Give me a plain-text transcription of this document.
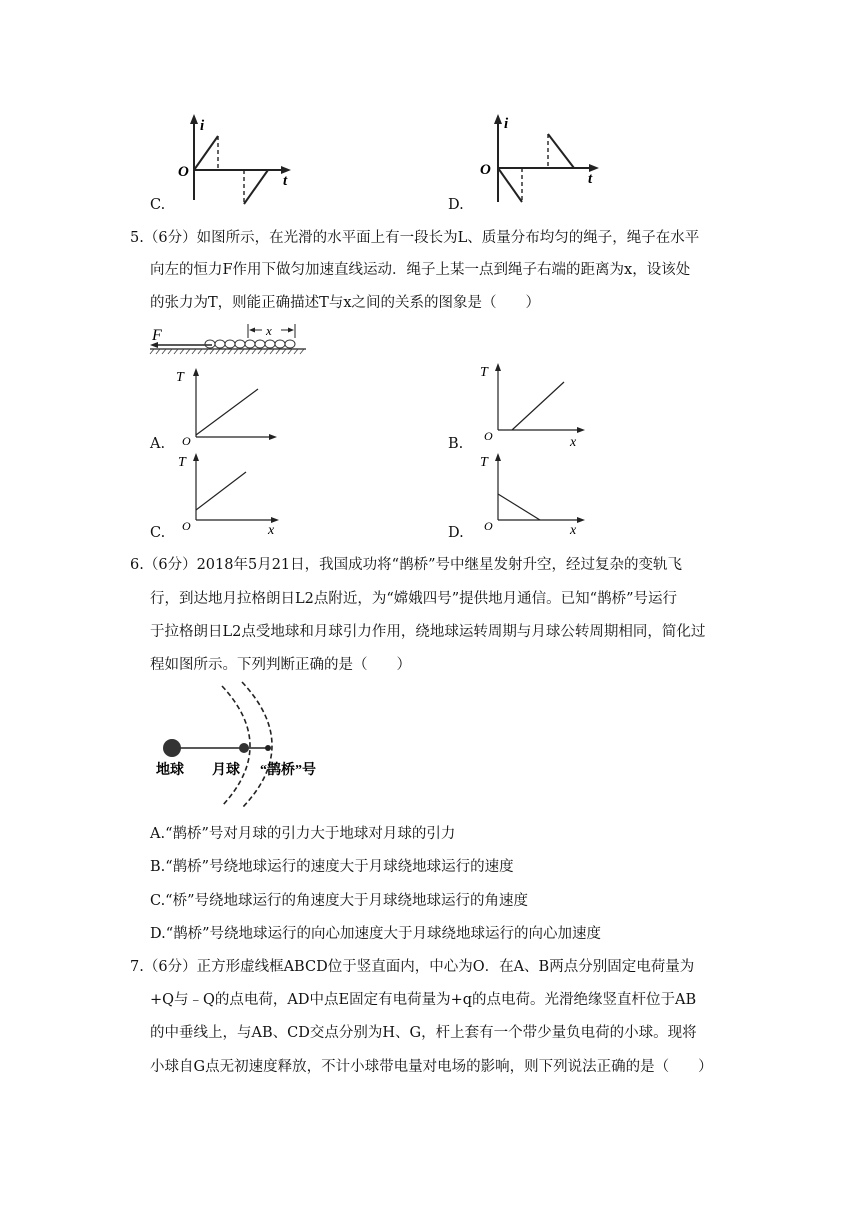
i
O
t
C.
i
O
t
D.
5.（6分）如图所示，在光滑的水平面上有一段长为L、质量分布均匀的绳子，绳子在水平
向左的恒力F作用下做匀加速直线运动．绳子上某一点到绳子右端的距离为x，设该处
的张力为T，则能正确描述T与x之间的关系的图象是（　　）
F	x
T
O
A.
T
O	x
B.
T
O	x
C.
T
O	x
D.
6.（6分）2018年5月21日，我国成功将“鹊桥”号中继星发射升空，经过复杂的变轨飞
行，到达地月拉格朗日L2点附近，为“嫦娥四号”提供地月通信。已知“鹊桥”号运行
于拉格朗日L2点受地球和月球引力作用，绕地球运转周期与月球公转周期相同，简化过
程如图所示。下列判断正确的是（　　）
地球 月球 “鹊桥”号
A.“鹊桥”号对月球的引力大于地球对月球的引力
B.“鹊桥”号绕地球运行的速度大于月球绕地球运行的速度
C.“桥”号绕地球运行的角速度大于月球绕地球运行的角速度
D.“鹊桥”号绕地球运行的向心加速度大于月球绕地球运行的向心加速度
7.（6分）正方形虚线框ABCD位于竖直面内，中心为O．在A、B两点分别固定电荷量为
+Q与﹣Q的点电荷，AD中点E固定有电荷量为+q的点电荷。光滑绝缘竖直杆位于AB
的中垂线上，与AB、CD交点分别为H、G，杆上套有一个带少量负电荷的小球。现将
小球自G点无初速度释放，不计小球带电量对电场的影响，则下列说法正确的是（　　）
